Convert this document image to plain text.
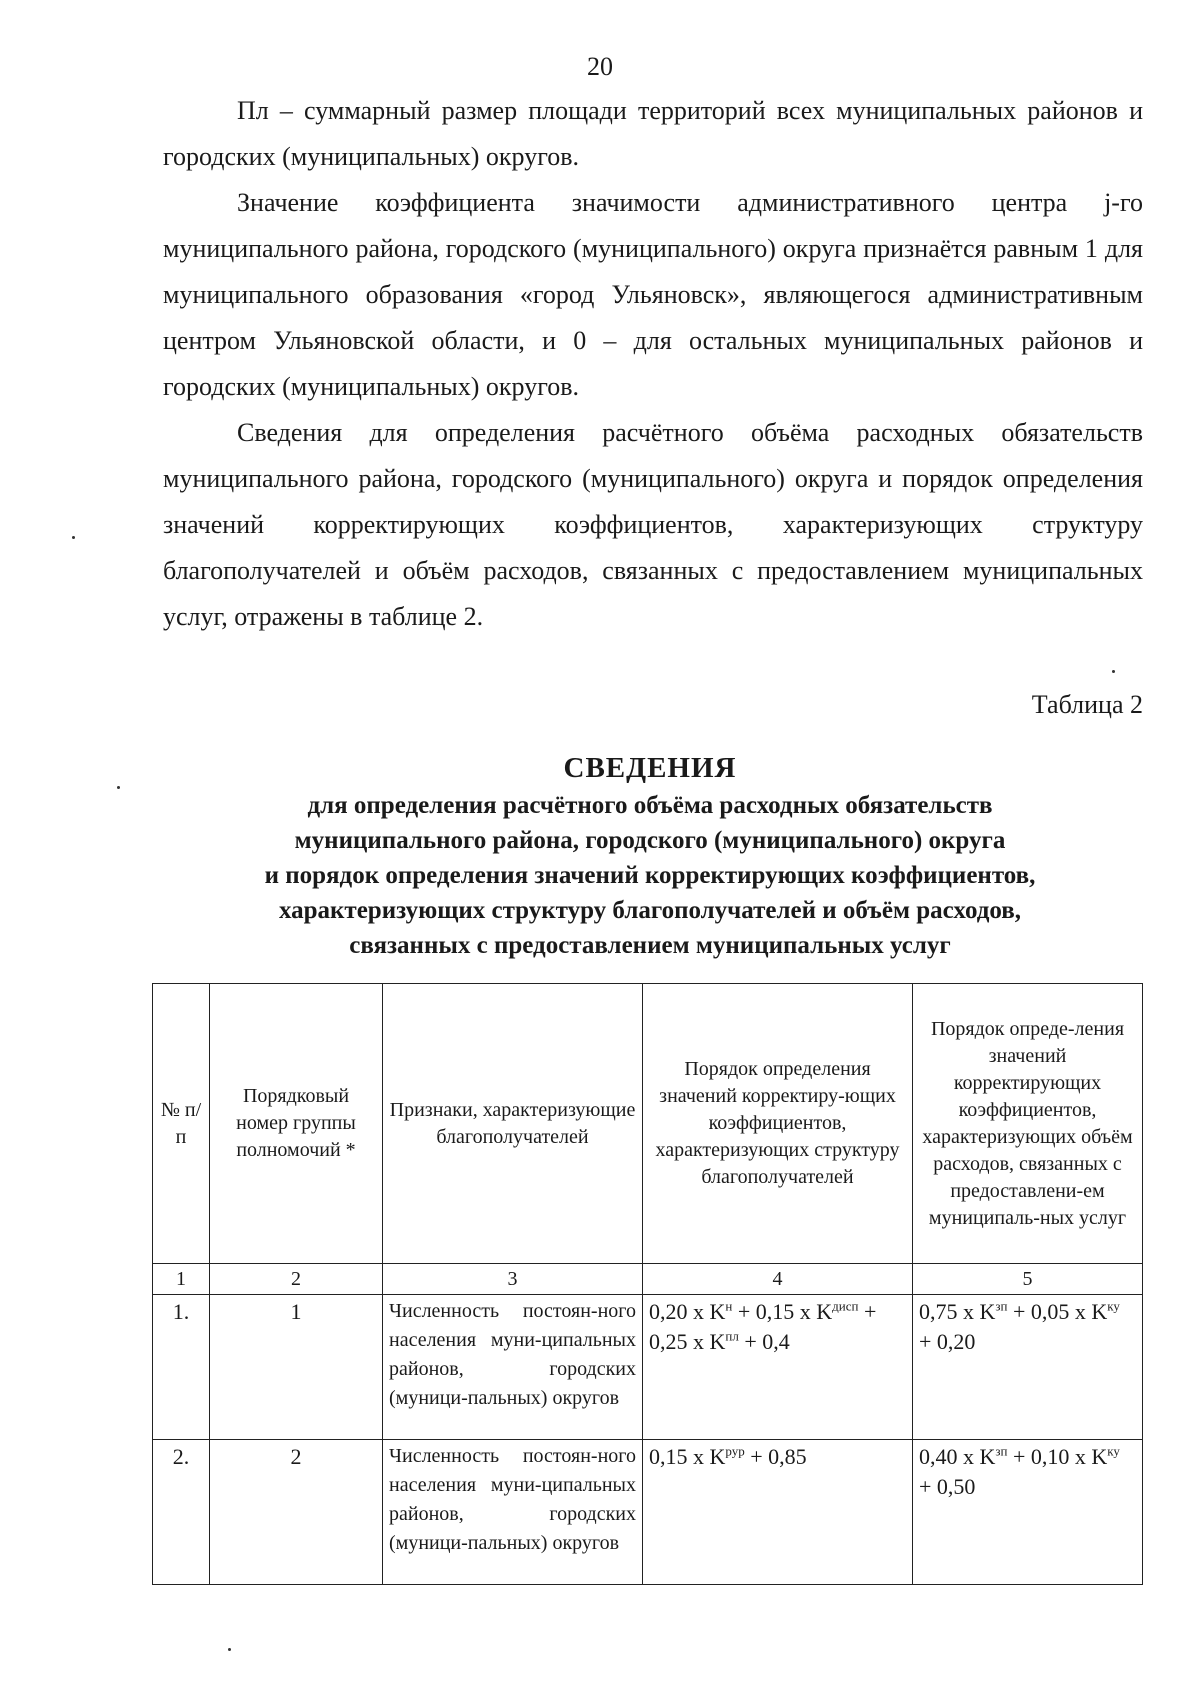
20

Пл – суммарный размер площади территорий всех муниципальных районов и городских (муниципальных) округов.

Значение коэффициента значимости административного центра j-го муниципального района, городского (муниципального) округа признаётся равным 1 для муниципального образования «город Ульяновск», являющегося административным центром Ульяновской области, и 0 – для остальных муниципальных районов и городских (муниципальных) округов.

Сведения для определения расчётного объёма расходных обязательств муниципального района, городского (муниципального) округа и порядок определения значений корректирующих коэффициентов, характеризующих структуру благополучателей и объём расходов, связанных с предоставлением муниципальных услуг, отражены в таблице 2.

Таблица 2
СВЕДЕНИЯ
для определения расчётного объёма расходных обязательств
муниципального района, городского (муниципального) округа
и порядок определения значений корректирующих коэффициентов,
характеризующих структуру благополучателей и объём расходов,
связанных с предоставлением муниципальных услуг
№ п/п	Порядковый номер группы полномочий *	Признаки, характеризующие благополучателей	Порядок определения значений корректиру-ющих коэффициентов, характеризующих структуру благополучателей	Порядок опреде-ления значений корректирующих коэффициентов, характеризующих объём расходов, связанных с предоставлени-ем муниципаль-ных услуг
1	2	3	4	5
1.	1	Численность постоян-ного населения муни-ципальных районов, городских (муници-пальных) округов	0,20 x $K^н + 0,15$ x $K^{дисп} + 0,25$ x $K^{пл} + 0,4$	0,75 x $K^{зп} + 0,05$ x $K^{ку} + 0,20$
2.	2	Численность постоян-ного населения муни-ципальных районов, городских (муници-пальных) округов	0,15 x $K^{рур} + 0,85$	0,40 x $K^{зп} + 0,10$ x $K^{ку} + 0,50$
